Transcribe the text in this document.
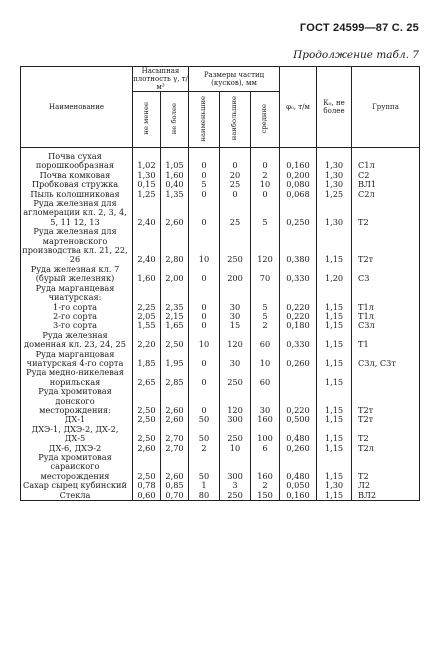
ГОСТ 24599—87 С. 25
Продолжение табл. 7
Наименование	Насыпная плотность γ, т/м³		Размеры частиц (кусков), мм			φ₀, т/м	К₀, не более	Группа
	не менее	не более	наименьшие	наибольшие	средние			
Почва сухая порошкообразная	1,02	1,05	0	0	0	0,160	1,30	С1л
Почва комковая	1,30	1,60	0	20	2	0,200	1,30	С2
Пробковая стружка	0,15	0,40	5	25	10	0,080	1,30	ВЛ1
Пыль колошниковая	1,25	1,35	0	0	0	0,068	1,25	С2л
Руда железная для агломерации кл. 2, 3, 4, 5, 11 12, 13	2,40	2,60	0	25	5	0,250	1,30	Т2
Руда железная для мартеновского производства кл. 21, 22, 26	2,40	2,80	10	250	120	0,380	1,15	Т2т
Руда железная кл. 7 (бурый железняк)	1,60	2,00	0	200	70	0,330	1,20	С3
Руда марганцевая чиатурская:								
1-го сорта	2,25	2,35	0	30	5	0,220	1,15	Т1л
2-го сорта	2,05	2,15	0	30	5	0,220	1,15	Т1л
3-го сорта	1,55	1,65	0	15	2	0,180	1,15	С3л
Руда железная доменная кл. 23, 24, 25	2,20	2,50	10	120	60	0,330	1,15	Т1
Руда марганцовая чиатурская 4-го сорта	1,85	1,95	0	30	10	0,260	1,15	С3л, С3т
Руда медно-никелевая норильская	2,65	2,85	0	250	60		1,15	
Руда хромитовая донского месторождения:	2,50	2,60	0	120	30	0,220	1,15	Т2т
ДХ-1	2,50	2,60	50	300	160	0,500	1,15	Т2т
ДХЭ-1, ДХЭ-2, ДХ-2, ДХ-5	2,50	2,70	50	250	100	0,480	1,15	Т2
ДХ-6, ДХЭ-2	2,60	2,70	2	10	6	0,260	1,15	Т2л
Руда хромитовая сараиского месторождения	2,50	2,60	50	300	160	0,480	1,15	Т2
Сахар сырец кубинский	0,78	0,85	1	3	2	0,050	1,30	Л2
Стекла	0,60	0,70	80	250	150	0,160	1,15	ВЛ2
